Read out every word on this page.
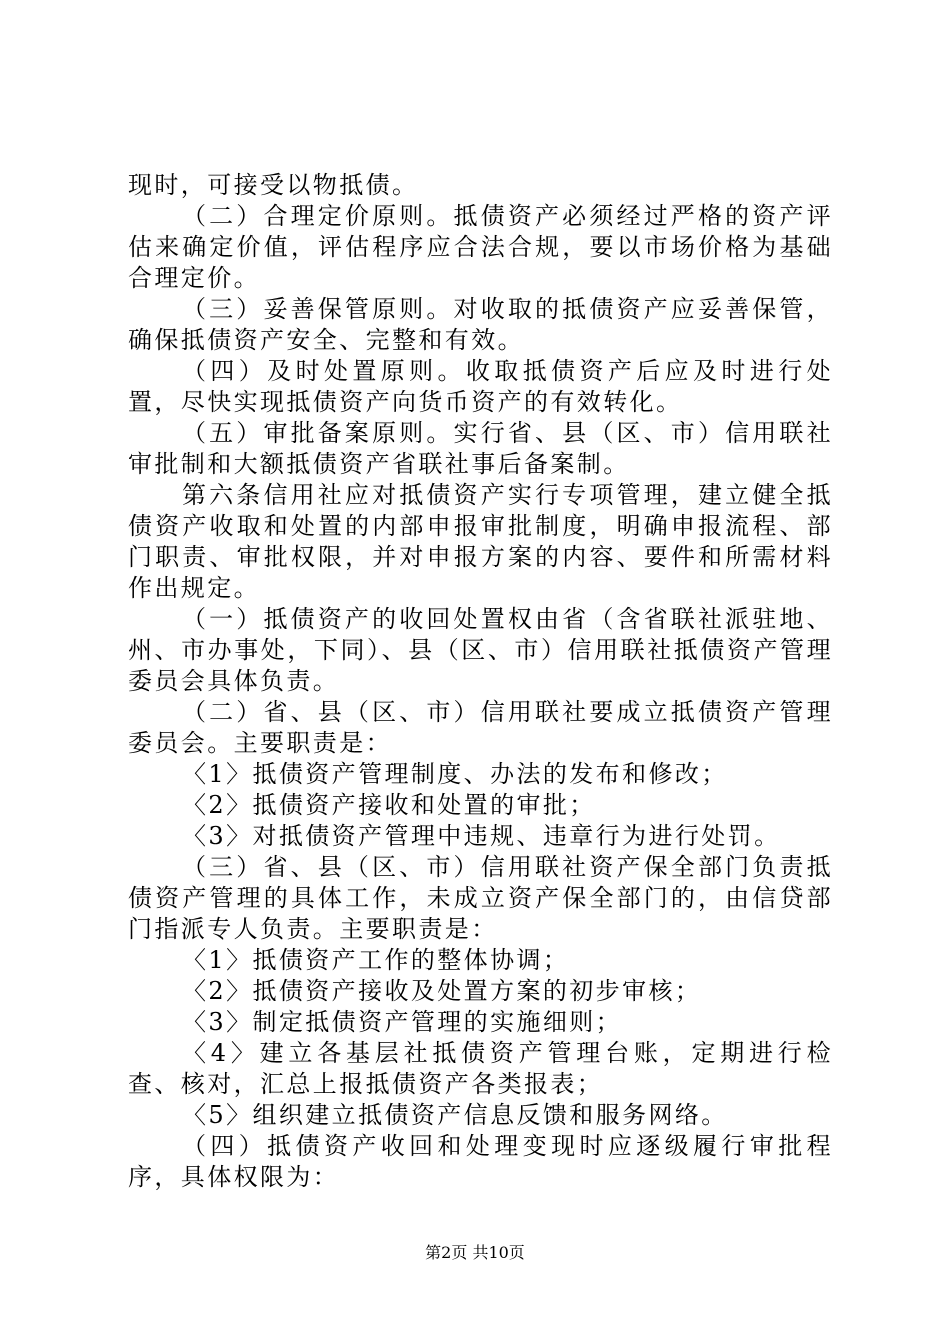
现时，可接受以物抵债。

（二）合理定价原则。抵债资产必须经过严格的资产评估来确定价值，评估程序应合法合规，要以市场价格为基础合理定价。

（三）妥善保管原则。对收取的抵债资产应妥善保管，确保抵债资产安全、完整和有效。

（四）及时处置原则。收取抵债资产后应及时进行处置，尽快实现抵债资产向货币资产的有效转化。

（五）审批备案原则。实行省、县（区、市）信用联社审批制和大额抵债资产省联社事后备案制。

第六条信用社应对抵债资产实行专项管理，建立健全抵债资产收取和处置的内部申报审批制度，明确申报流程、部门职责、审批权限，并对申报方案的内容、要件和所需材料作出规定。

（一）抵债资产的收回处置权由省（含省联社派驻地、州、市办事处，下同）、县（区、市）信用联社抵债资产管理委员会具体负责。

（二）省、县（区、市）信用联社要成立抵债资产管理委员会。主要职责是：

〈1〉抵债资产管理制度、办法的发布和修改；

〈2〉抵债资产接收和处置的审批；

〈3〉对抵债资产管理中违规、违章行为进行处罚。

（三）省、县（区、市）信用联社资产保全部门负责抵债资产管理的具体工作，未成立资产保全部门的，由信贷部门指派专人负责。主要职责是：

〈1〉抵债资产工作的整体协调；

〈2〉抵债资产接收及处置方案的初步审核；

〈3〉制定抵债资产管理的实施细则；

〈4〉建立各基层社抵债资产管理台账，定期进行检查、核对，汇总上报抵债资产各类报表；

〈5〉组织建立抵债资产信息反馈和服务网络。

（四）抵债资产收回和处理变现时应逐级履行审批程序，具体权限为：

第2页 共10页
